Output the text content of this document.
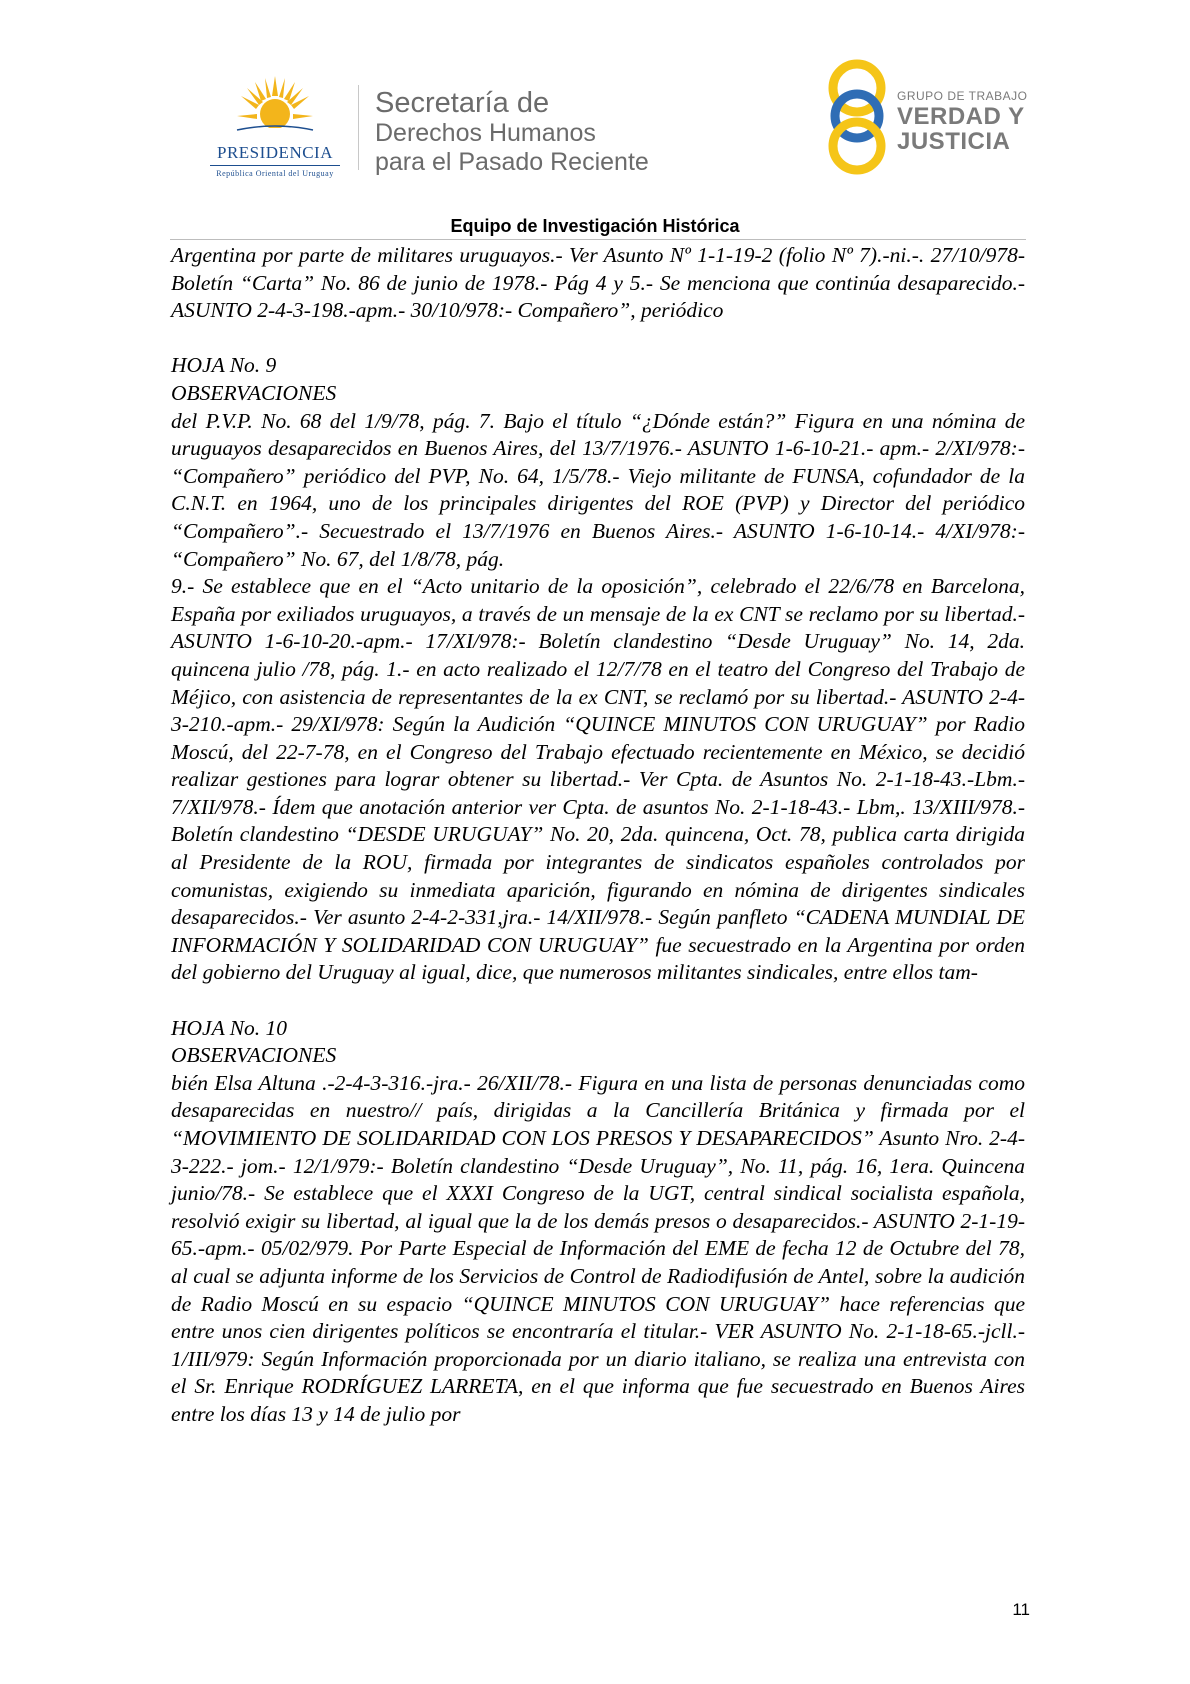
PRESIDENCIA
República Oriental del Uruguay
Secretaría de
Derechos Humanos
para el Pasado Reciente
GRUPO DE TRABAJO
VERDAD Y
JUSTICIA
Equipo de Investigación Histórica

Argentina por parte de militares uruguayos.- Ver Asunto Nº 1-1-19-2 (folio Nº 7).-ni.-. 27/10/978- Boletín “Carta” No. 86 de junio de 1978.- Pág 4 y 5.- Se menciona que continúa desaparecido.- ASUNTO 2-4-3-198.-apm.- 30/10/978:- Compañero”, periódico

HOJA No. 9

OBSERVACIONES

del P.V.P. No. 68 del 1/9/78, pág. 7. Bajo el título “¿Dónde están?” Figura en una nómina de uruguayos desaparecidos en Buenos Aires, del 13/7/1976.- ASUNTO 1-6-10-21.- apm.- 2/XI/978:- “Compañero” periódico del PVP, No. 64, 1/5/78.- Viejo militante de FUNSA, cofundador de la C.N.T. en 1964, uno de los principales dirigentes del ROE (PVP) y Director del periódico “Compañero”.- Secuestrado el 13/7/1976 en Buenos Aires.- ASUNTO 1-6-10-14.- 4/XI/978:- “Compañero” No. 67, del 1/8/78, pág.

9.- Se establece que en el “Acto unitario de la oposición”, celebrado el 22/6/78 en Barcelona, España por exiliados uruguayos, a través de un mensaje de la ex CNT se reclamo por su libertad.- ASUNTO 1-6-10-20.-apm.- 17/XI/978:- Boletín clandestino “Desde Uruguay” No. 14, 2da. quincena julio /78, pág. 1.- en acto realizado el 12/7/78 en el teatro del Congreso del Trabajo de Méjico, con asistencia de representantes de la ex CNT, se reclamó por su libertad.- ASUNTO 2-4-3-210.-apm.- 29/XI/978: Según la Audición “QUINCE MINUTOS CON URUGUAY” por Radio Moscú, del 22-7-78, en el Congreso del Trabajo efectuado recientemente en México, se decidió realizar gestiones para lograr obtener su libertad.- Ver Cpta. de Asuntos No. 2-1-18-43.-Lbm.- 7/XII/978.- Ídem que anotación anterior ver Cpta. de asuntos No. 2-1-18-43.- Lbm,. 13/XIII/978.- Boletín clandestino “DESDE URUGUAY” No. 20, 2da. quincena, Oct. 78, publica carta dirigida al Presidente de la ROU, firmada por integrantes de sindicatos españoles controlados por comunistas, exigiendo su inmediata aparición, figurando en nómina de dirigentes sindicales desaparecidos.- Ver asunto 2-4-2-331,jra.- 14/XII/978.- Según panfleto “CADENA MUNDIAL DE INFORMACIÓN Y SOLIDARIDAD CON URUGUAY” fue secuestrado en la Argentina por orden del gobierno del Uruguay al igual, dice, que numerosos militantes sindicales, entre ellos tam-

HOJA No. 10

OBSERVACIONES

bién Elsa Altuna .-2-4-3-316.-jra.- 26/XII/78.- Figura en una lista de personas denunciadas como desaparecidas en nuestro// país, dirigidas a la Cancillería Británica y firmada por el “MOVIMIENTO DE SOLIDARIDAD CON LOS PRESOS Y DESAPARECIDOS” Asunto Nro. 2-4-3-222.- jom.- 12/1/979:- Boletín clandestino “Desde Uruguay”, No. 11, pág. 16, 1era. Quincena junio/78.- Se establece que el XXXI Congreso de la UGT, central sindical socialista española, resolvió exigir su libertad, al igual que la de los demás presos o desaparecidos.- ASUNTO 2-1-19-65.-apm.- 05/02/979. Por Parte Especial de Información del EME de fecha 12 de Octubre del 78, al cual se adjunta informe de los Servicios de Control de Radiodifusión de Antel, sobre la audición de Radio Moscú en su espacio “QUINCE MINUTOS CON URUGUAY” hace referencias que entre unos cien dirigentes políticos se encontraría el titular.- VER ASUNTO No. 2-1-18-65.-jcll.- 1/III/979: Según Información proporcionada por un diario italiano, se realiza una entrevista con el Sr. Enrique RODRÍGUEZ LARRETA, en el que informa que fue secuestrado en Buenos Aires entre los días 13 y 14 de julio por

11
